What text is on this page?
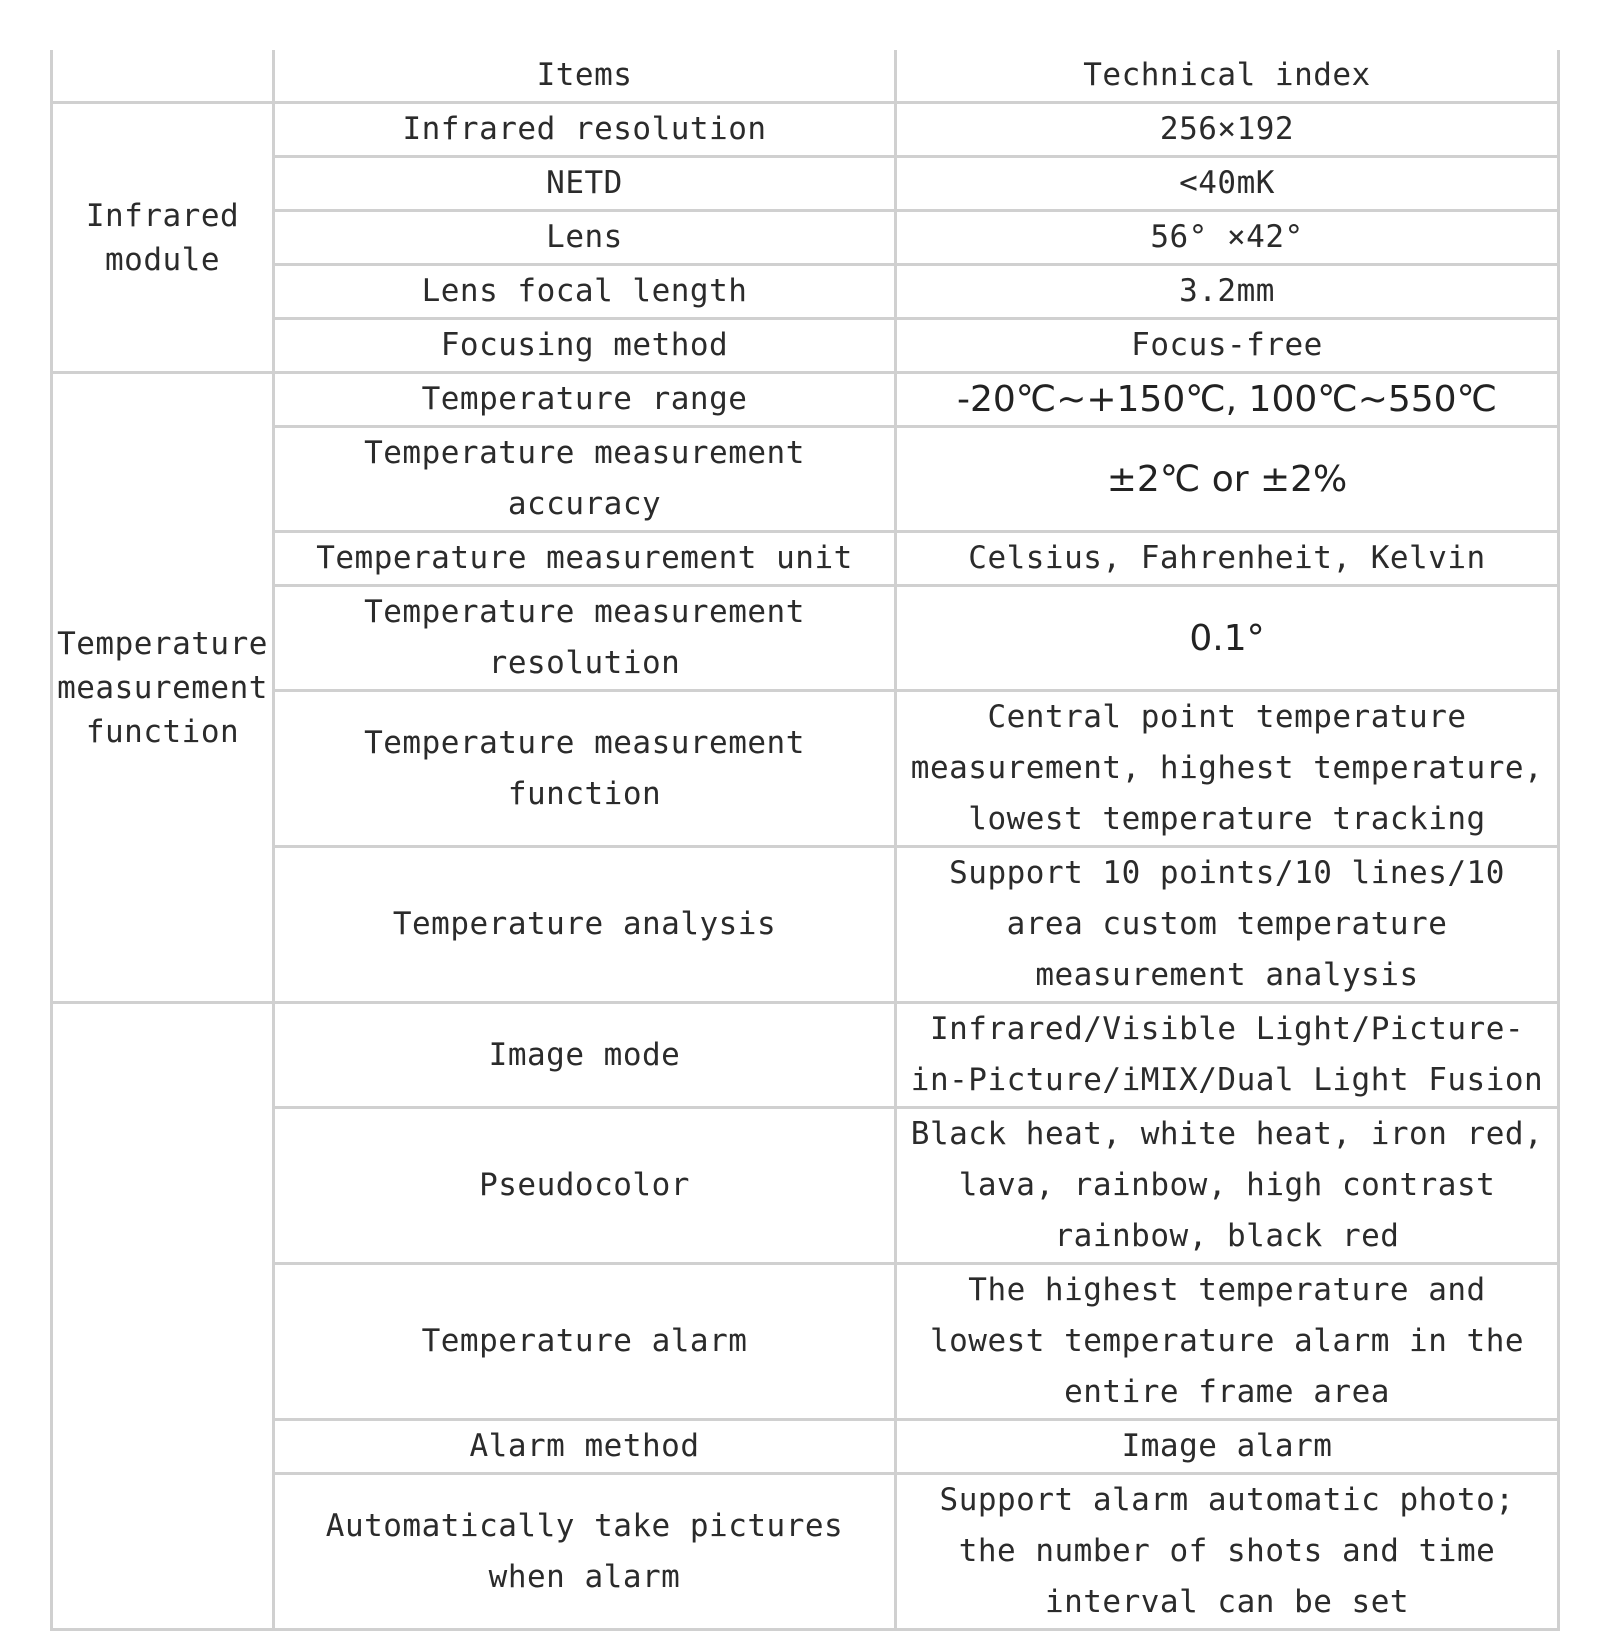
	Items	Technical index
Infrared module	Infrared resolution	256×192
	NETD	<40mK
	Lens	56° ×42°
	Lens focal length	3.2mm
	Focusing method	Focus-free
Temperature measurement function	Temperature range	-20℃~+150℃, 100℃~550℃
	Temperature measurement accuracy	±2℃ or ±2%
	Temperature measurement unit	Celsius, Fahrenheit, Kelvin
	Temperature measurement resolution	0.1°
	Temperature measurement function	Central point temperature measurement, highest temperature, lowest temperature tracking
	Temperature analysis	Support 10 points/10 lines/10 area custom temperature measurement analysis
	Image mode	Infrared/Visible Light/Picture-in-Picture/iMIX/Dual Light Fusion
	Pseudocolor	Black heat, white heat, iron red, lava, rainbow, high contrast rainbow, black red
	Temperature alarm	The highest temperature and lowest temperature alarm in the entire frame area
	Alarm method	Image alarm
	Automatically take pictures when alarm	Support alarm automatic photo; the number of shots and time interval can be set
